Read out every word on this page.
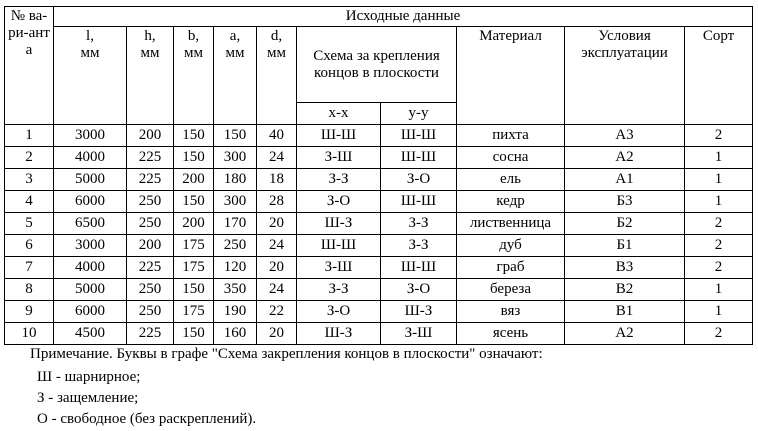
№ ва-ри-анта	Исходные данные									

	l, мм	h, мм	b, мм	a, мм	d, мм	Схема за крепления концов в плоскости		Материал	Условия эксплуатации	Сорт
						х-х	у-у			
1	3000	200	150	150	40	Ш-Ш	Ш-Ш	пихта	А3	2
2	4000	225	150	300	24	З-Ш	Ш-Ш	сосна	А2	1
3	5000	225	200	180	18	З-З	З-О	ель	А1	1
4	6000	250	150	300	28	З-О	Ш-Ш	кедр	Б3	1
5	6500	250	200	170	20	Ш-З	З-З	лиственница	Б2	2
6	3000	200	175	250	24	Ш-Ш	З-З	дуб	Б1	2
7	4000	225	175	120	20	З-Ш	Ш-Ш	граб	В3	2
8	5000	250	150	350	24	З-З	З-О	береза	В2	1
9	6000	250	175	190	22	З-О	Ш-З	вяз	В1	1
10	4500	225	150	160	20	Ш-З	З-Ш	ясень	А2	2
Примечание. Буквы в графе "Схема закрепления концов в плоскости" означают:
Ш - шарнирное;
З - защемление;
О - свободное (без раскреплений).
